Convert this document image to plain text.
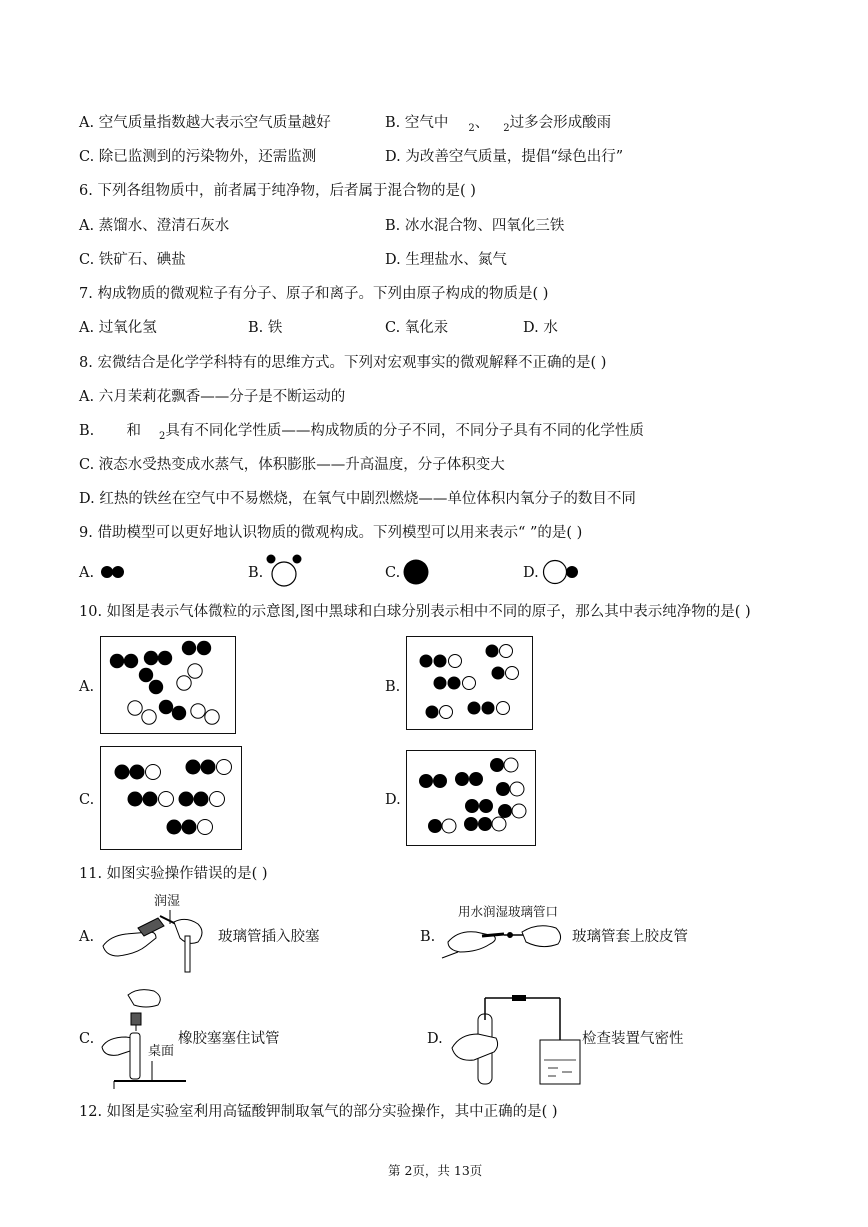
A. 空气质量指数越大表示空气质量越好	B. 空气中 $_2$、 $_2$过多会形成酸雨
C. 除已监测到的污染物外，还需监测	D. 为改善空气质量，提倡“绿色出行”
6. 下列各组物质中，前者属于纯净物，后者属于混合物的是( )
A. 蒸馏水、澄清石灰水	B. 冰水混合物、四氧化三铁
C. 铁矿石、碘盐	D. 生理盐水、氮气
7. 构成物质的微观粒子有分子、原子和离子。下列由原子构成的物质是( )
A. 过氧化氢	B. 铁	C. 氧化汞	D. 水
8. 宏微结合是化学学科特有的思维方式。下列对宏观事实的微观解释不正确的是( )
A. 六月茉莉花飘香——分子是不断运动的
B.       和 $_2$具有不同化学性质——构成物质的分子不同，不同分子具有不同的化学性质
C. 液态水受热变成水蒸气，体积膨胀——升高温度，分子体积变大
D. 红热的铁丝在空气中不易燃烧，在氧气中剧烈燃烧——单位体积内氧分子的数目不同
9. 借助模型可以更好地认识物质的微观构成。下列模型可以用来表示“ ”的是( )
A.	B.	C.	D.
10. 如图是表示气体微粒的示意图,图中黑球和白球分别表示相中不同的原子，那么其中表示纯净物的是( )
A.	B.
C.	D.
11. 如图实验操作错误的是( )
A.
润湿
玻璃管插入胶塞	B.
用水润湿玻璃管口
玻璃管套上胶皮管
C.
桌面
橡胶塞塞住试管	D.	检查装置气密性
12. 如图是实验室利用高锰酸钾制取氧气的部分实验操作，其中正确的是( )
第 2页，共 13页
